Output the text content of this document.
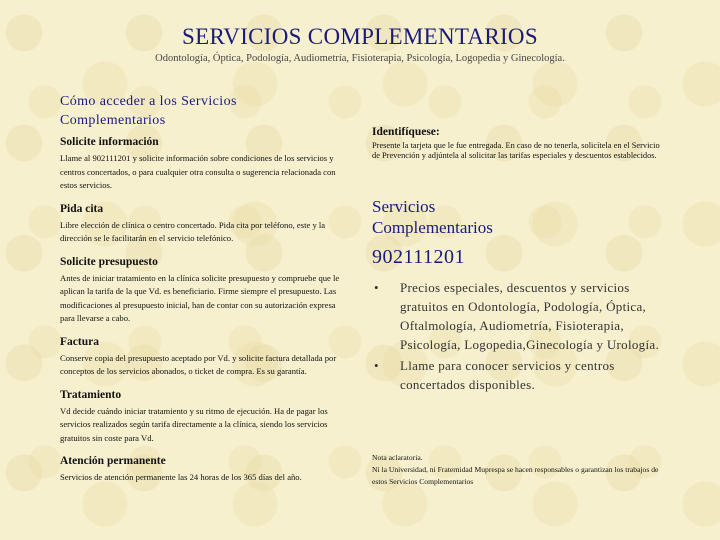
SERVICIOS COMPLEMENTARIOS
Odontología, Óptica, Podología, Audiometría, Fisioterapia, Psicología, Logopedia y Ginecología.
Cómo acceder a los Servicios
Complementarios
Solicite información
Llame al 902111201 y solicite información sobre condiciones de los servicios y centros concertados, o para cualquier otra consulta o sugerencia relacionada con estos servicios.
Pida cita
Libre elección de clínica o centro concertado. Pida cita por teléfono, este y la dirección se le facilitarán en el servicio telefónico.
Solicite presupuesto
Antes de iniciar tratamiento en la clínica solicite presupuesto y compruebe que le aplican la tarifa de la que Vd. es beneficiario. Firme siempre el presupuesto. Las modificaciones al presupuesto inicial, han de contar con su autorización expresa para llevarse a cabo.
Factura
Conserve copia del presupuesto aceptado por Vd. y solicite factura detallada por conceptos de los servicios abonados, o ticket de compra. Es su garantía.
Tratamiento
Vd decide cuándo iniciar tratamiento y su ritmo de ejecución. Ha de pagar los servicios realizados según tarifa directamente a la clínica, siendo los servicios gratuitos sin coste para Vd.
Atención permanente
Servicios de atención permanente las 24 horas de los 365 días del año.
Identifíquese:
Presente la tarjeta que le fue entregada. En caso de no tenerla, solicítela en el Servicio de Prevención y adjúntela al solicitar las tarifas especiales y descuentos establecidos.
Servicios
Complementarios
902111201
• Precios especiales, descuentos y servicios gratuitos en Odontología, Podología, Óptica, Oftalmología, Audiometría, Fisioterapia, Psicología, Logopedia,Ginecología y Urología.
• Llame para conocer servicios y centros concertados disponibles.
Nota aclaratoria.
Ni la Universidad, ni Fraternidad Muprespa se hacen responsables o garantizan los trabajos de estos Servicios Complementarios
